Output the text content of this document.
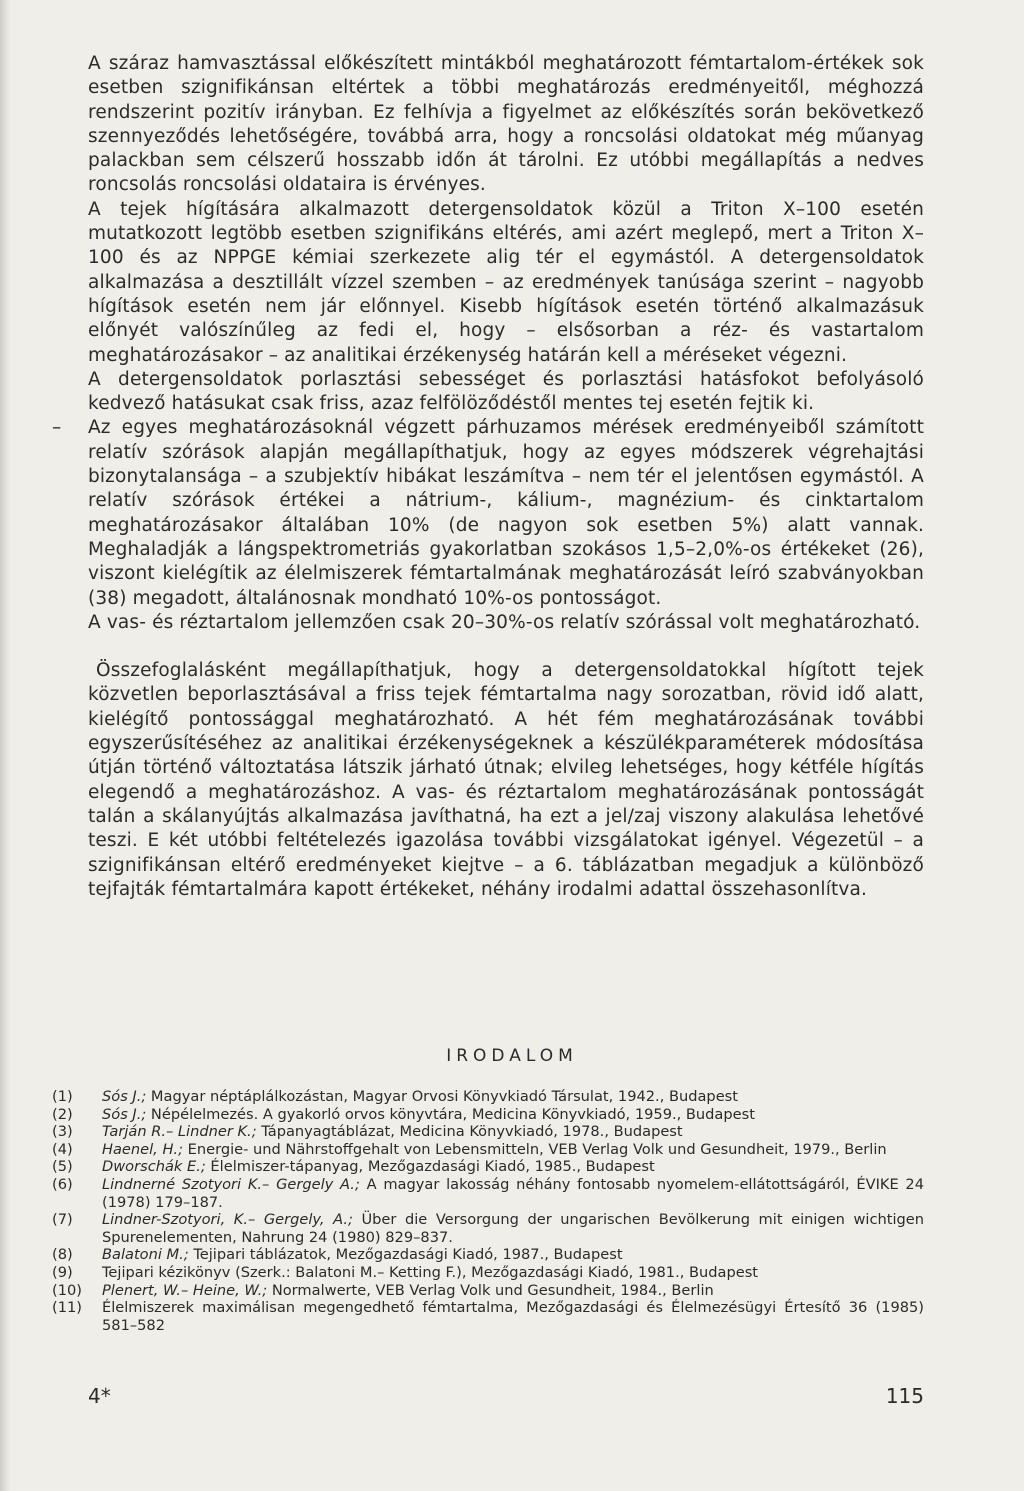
A száraz hamvasztással előkészített mintákból meghatározott fémtartalom-értékek sok esetben szignifikánsan eltértek a többi meghatározás eredményeitől, méghozzá rendszerint pozitív irányban. Ez felhívja a figyelmet az előkészítés során bekövetkező szennyeződés lehetőségére, továbbá arra, hogy a roncsolási oldatokat még műanyag palackban sem célszerű hosszabb időn át tárolni. Ez utóbbi megállapítás a nedves roncsolás roncsolási oldataira is érvényes.

A tejek hígítására alkalmazott detergensoldatok közül a Triton X–100 esetén mutatkozott legtöbb esetben szignifikáns eltérés, ami azért meglepő, mert a Triton X–100 és az NPPGE kémiai szerkezete alig tér el egymástól. A detergensoldatok alkalmazása a desztillált vízzel szemben – az eredmények tanúsága szerint – nagyobb hígítások esetén nem jár előnnyel. Kisebb hígítások esetén történő alkalmazásuk előnyét valószínűleg az fedi el, hogy – elsősorban a réz- és vastartalom meghatározásakor – az analitikai érzékenység határán kell a méréseket végezni.

A detergensoldatok porlasztási sebességet és porlasztási hatásfokot befolyásoló kedvező hatásukat csak friss, azaz felfölöződéstől mentes tej esetén fejtik ki.

– Az egyes meghatározásoknál végzett párhuzamos mérések eredményeiből számított relatív szórások alapján megállapíthatjuk, hogy az egyes módszerek végrehajtási bizonytalansága – a szubjektív hibákat leszámítva – nem tér el jelentősen egymástól. A relatív szórások értékei a nátrium-, kálium-, magnézium- és cinktartalom meghatározásakor általában 10% (de nagyon sok esetben 5%) alatt vannak. Meghaladják a lángspektrometriás gyakorlatban szokásos 1,5–2,0%-os értékeket (26), viszont kielégítik az élelmiszerek fémtartalmának meghatározását leíró szabványokban (38) megadott, általánosnak mondható 10%-os pontosságot.

A vas- és réztartalom jellemzően csak 20–30%-os relatív szórással volt meghatározható.

Összefoglalásként megállapíthatjuk, hogy a detergensoldatokkal hígított tejek közvetlen beporlasztásával a friss tejek fémtartalma nagy sorozatban, rövid idő alatt, kielégítő pontossággal meghatározható. A hét fém meghatározásának további egyszerűsítéséhez az analitikai érzékenységeknek a készülékparaméterek módosítása útján történő változtatása látszik járható útnak; elvileg lehetséges, hogy kétféle hígítás elegendő a meghatározáshoz. A vas- és réztartalom meghatározásának pontosságát talán a skálanyújtás alkalmazása javíthatná, ha ezt a jel/zaj viszony alakulása lehetővé teszi. E két utóbbi feltételezés igazolása további vizsgálatokat igényel. Végezetül – a szignifikánsan eltérő eredményeket kiejtve – a 6. táblázatban megadjuk a különböző tejfajták fémtartalmára kapott értékeket, néhány irodalmi adattal összehasonlítva.

IRODALOM
(1)	Sós J.; Magyar néptáplálkozástan, Magyar Orvosi Könyvkiadó Társulat, 1942., Budapest
(2)	Sós J.; Népélelmezés. A gyakorló orvos könyvtára, Medicina Könyvkiadó, 1959., Budapest
(3)	Tarján R.– Lindner K.; Tápanyagtáblázat, Medicina Könyvkiadó, 1978., Budapest
(4)	Haenel, H.; Energie- und Nährstoffgehalt von Lebensmitteln, VEB Verlag Volk und Gesundheit, 1979., Berlin
(5)	Dworschák E.; Élelmiszer-tápanyag, Mezőgazdasági Kiadó, 1985., Budapest
(6)	Lindnerné Szotyori K.– Gergely A.; A magyar lakosság néhány fontosabb nyomelem-ellátottságáról, ÉVIKE 24 (1978) 179–187.
(7)	Lindner-Szotyori, K.– Gergely, A.; Über die Versorgung der ungarischen Bevölkerung mit einigen wichtigen Spurenelementen, Nahrung 24 (1980) 829–837.
(8)	Balatoni M.; Tejipari táblázatok, Mezőgazdasági Kiadó, 1987., Budapest
(9)	Tejipari kézikönyv (Szerk.: Balatoni M.– Ketting F.), Mezőgazdasági Kiadó, 1981., Budapest
(10)	Plenert, W.– Heine, W.; Normalwerte, VEB Verlag Volk und Gesundheit, 1984., Berlin
(11)	Élelmiszerek maximálisan megengedhető fémtartalma, Mezőgazdasági és Élelmezésügyi Értesítő 36 (1985) 581–582
4*	115
